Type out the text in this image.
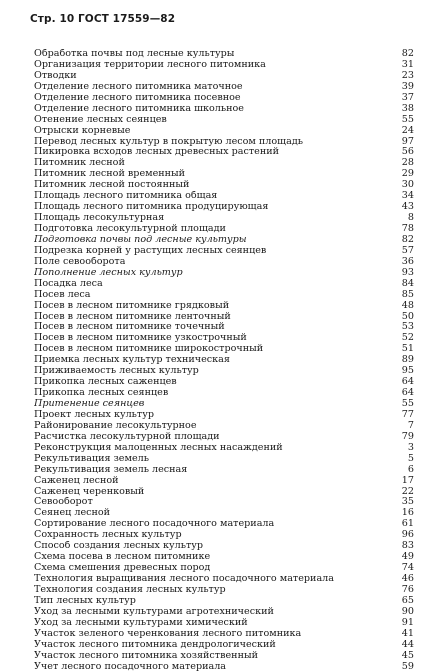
Стр. 10 ГОСТ 17559—82
Обработка почвы под лесные культуры	82
Организация территории лесного питомника	31
Отводки	23
Отделение лесного питомника маточное	39
Отделение лесного питомника посевное	37
Отделение лесного питомника школьное	38
Отенение лесных сеянцев	55
Отрыски корневые	24
Перевод лесных культур в покрытую лесом площадь	97
Пикировка всходов лесных древесных растений	56
Питомник лесной	28
Питомник лесной временный	29
Питомник лесной постоянный	30
Площадь лесного питомника общая	34
Площадь лесного питомника продуцирующая	43
Площадь лесокультурная	8
Подготовка лесокультурной площади	78
Подготовка почвы под лесные культуры	82
Подрезка корней у растущих лесных сеянцев	57
Поле севооборота	36
Пополнение лесных культур	93
Посадка леса	84
Посев леса	85
Посев в лесном питомнике грядковый	48
Посев в лесном питомнике ленточный	50
Посев в лесном питомнике точечный	53
Посев в лесном питомнике узкострочный	52
Посев в лесном питомнике широкострочный	51
Приемка лесных культур техническая	89
Приживаемость лесных культур	95
Прикопка лесных саженцев	64
Прикопка лесных сеянцев	64
Притенение сеянцев	55
Проект лесных культур	77
Районирование лесокультурное	7
Расчистка лесокультурной площади	79
Реконструкция малоценных лесных насаждений	3
Рекультивация земель	5
Рекультивация земель лесная	6
Саженец лесной	17
Саженец черенковый	22
Севооборот	35
Сеянец лесной	16
Сортирование лесного посадочного материала	61
Сохранность лесных культур	96
Способ создания лесных культур	83
Схема посева в лесном питомнике	49
Схема смешения древесных пород	74
Технология выращивания лесного посадочного материала	46
Технология создания лесных культур	76
Тип лесных культур	65
Уход за лесными культурами агротехнический	90
Уход за лесными культурами химический	91
Участок зеленого черенкования лесного питомника	41
Участок лесного питомника дендрологический	44
Участок лесного питомника хозяйственный	45
Учет лесного посадочного материала	59
